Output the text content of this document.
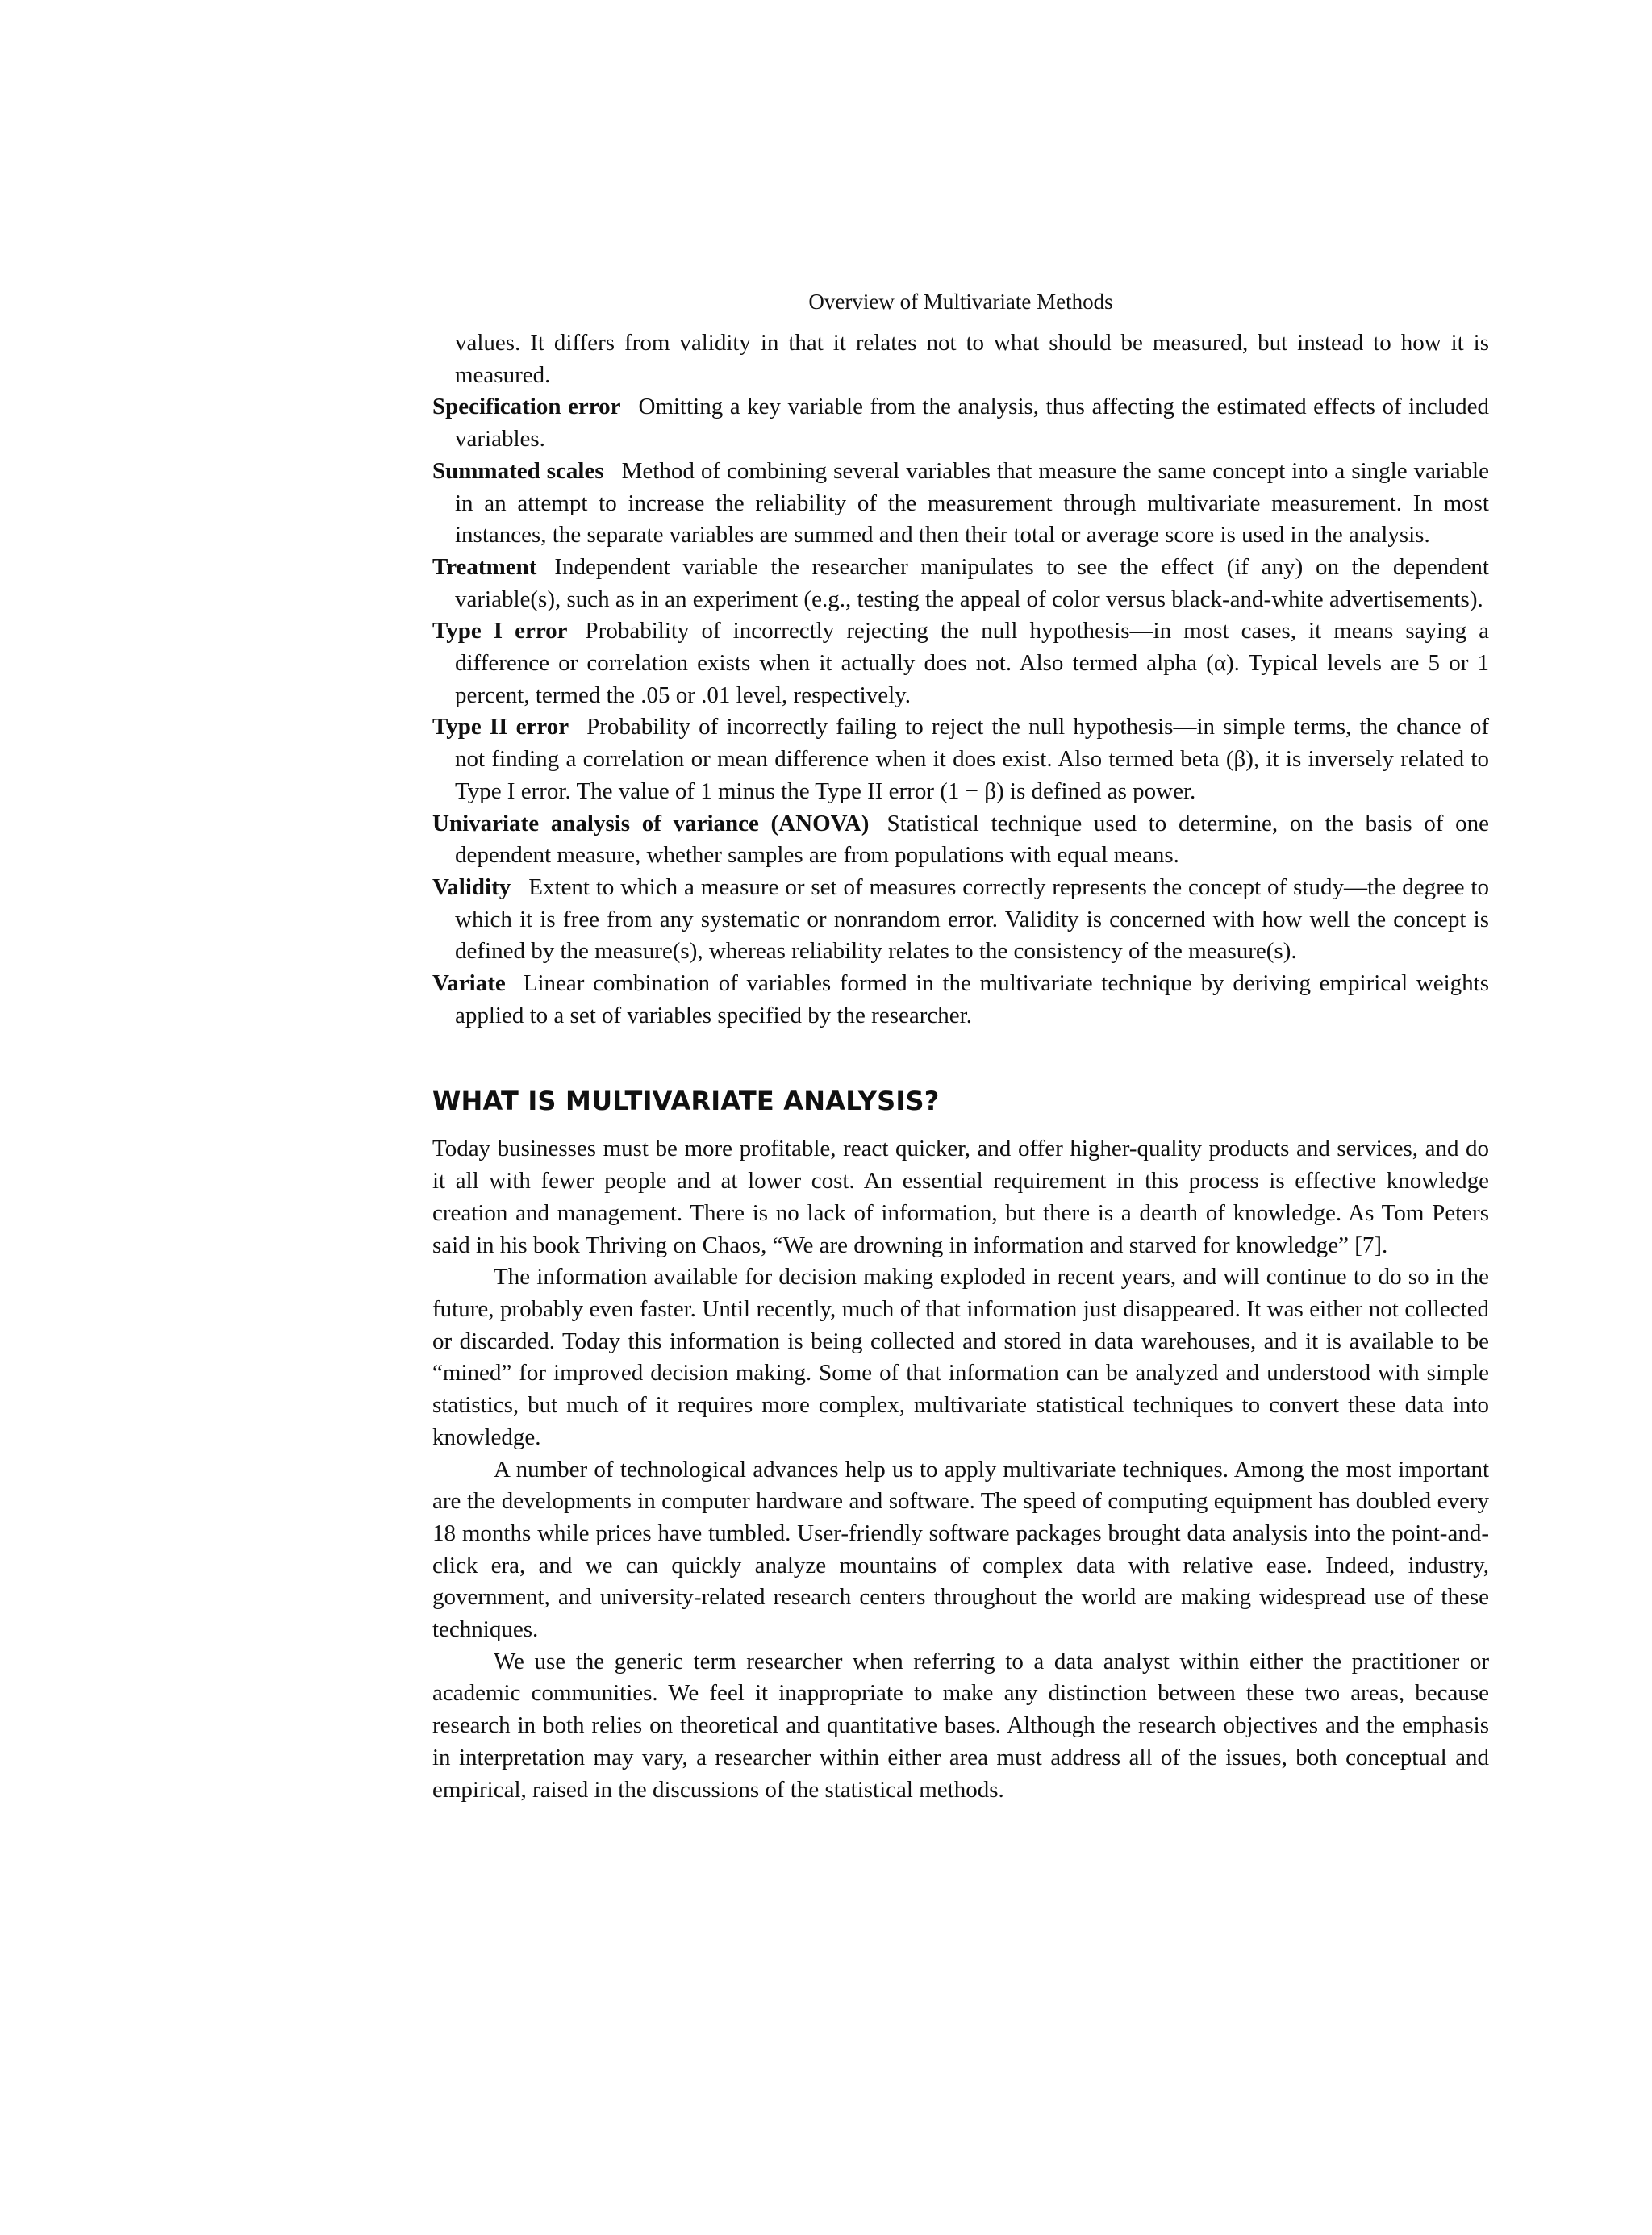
Overview of Multivariate Methods

values. It differs from validity in that it relates not to what should be measured, but instead to how it is measured.

Specification error Omitting a key variable from the analysis, thus affecting the estimated effects of included variables.

Summated scales Method of combining several variables that measure the same concept into a single variable in an attempt to increase the reliability of the measurement through multivariate measurement. In most instances, the separate variables are summed and then their total or average score is used in the analysis.

Treatment Independent variable the researcher manipulates to see the effect (if any) on the dependent variable(s), such as in an experiment (e.g., testing the appeal of color versus black-and-white advertisements).

Type I error Probability of incorrectly rejecting the null hypothesis—in most cases, it means saying a difference or correlation exists when it actually does not. Also termed alpha (α). Typical levels are 5 or 1 percent, termed the .05 or .01 level, respectively.

Type II error Probability of incorrectly failing to reject the null hypothesis—in simple terms, the chance of not finding a correlation or mean difference when it does exist. Also termed beta (β), it is inversely related to Type I error. The value of 1 minus the Type II error (1 − β) is defined as power.

Univariate analysis of variance (ANOVA) Statistical technique used to determine, on the basis of one dependent measure, whether samples are from populations with equal means.

Validity Extent to which a measure or set of measures correctly represents the concept of study—the degree to which it is free from any systematic or nonrandom error. Validity is concerned with how well the concept is defined by the measure(s), whereas reliability relates to the consistency of the measure(s).

Variate Linear combination of variables formed in the multivariate technique by deriving empirical weights applied to a set of variables specified by the researcher.

WHAT IS MULTIVARIATE ANALYSIS?

Today businesses must be more profitable, react quicker, and offer higher-quality products and services, and do it all with fewer people and at lower cost. An essential requirement in this process is effective knowledge creation and management. There is no lack of information, but there is a dearth of knowledge. As Tom Peters said in his book Thriving on Chaos, “We are drowning in information and starved for knowledge” [7].

The information available for decision making exploded in recent years, and will continue to do so in the future, probably even faster. Until recently, much of that information just disappeared. It was either not collected or discarded. Today this information is being collected and stored in data warehouses, and it is available to be “mined” for improved decision making. Some of that information can be analyzed and understood with simple statistics, but much of it requires more complex, multivariate statistical techniques to convert these data into knowledge.

A number of technological advances help us to apply multivariate techniques. Among the most important are the developments in computer hardware and software. The speed of computing equipment has doubled every 18 months while prices have tumbled. User-friendly software packages brought data analysis into the point-and-click era, and we can quickly analyze mountains of complex data with relative ease. Indeed, industry, government, and university-related research centers throughout the world are making widespread use of these techniques.

We use the generic term researcher when referring to a data analyst within either the practitioner or academic communities. We feel it inappropriate to make any distinction between these two areas, because research in both relies on theoretical and quantitative bases. Although the research objectives and the emphasis in interpretation may vary, a researcher within either area must address all of the issues, both conceptual and empirical, raised in the discussions of the statistical methods.
